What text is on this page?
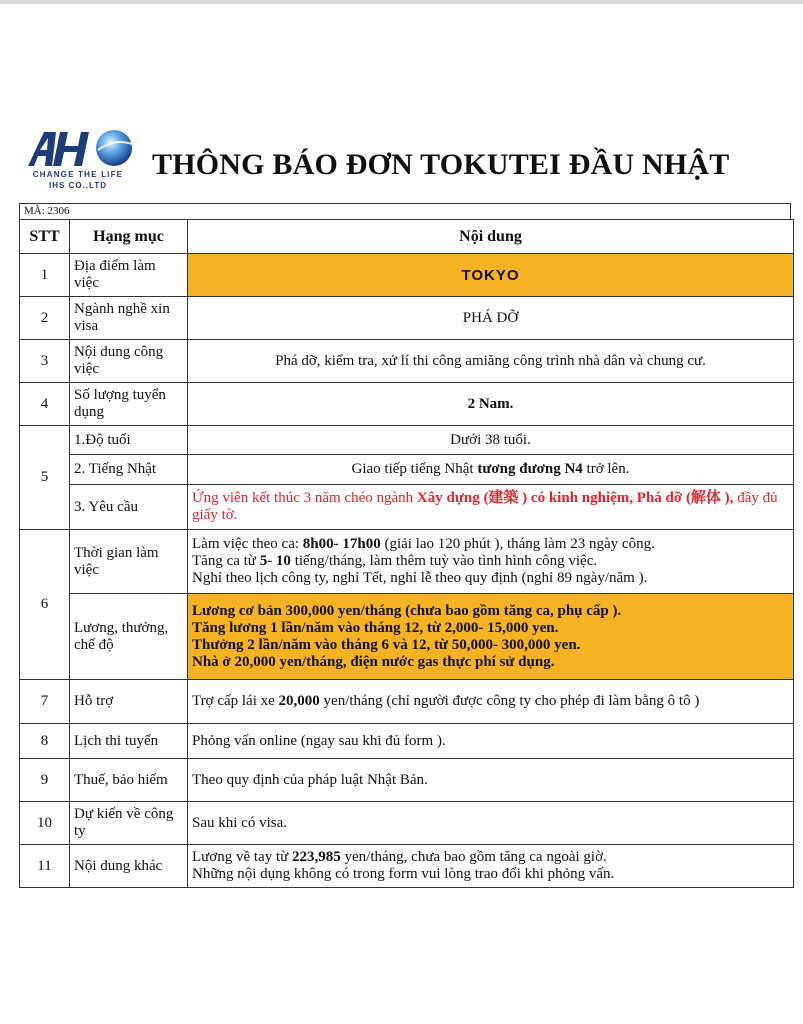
CHANGE THE LIFE
IHS CO.,LTD
THÔNG BÁO ĐƠN TOKUTEI ĐẦU NHẬT
MÃ: 2306
STT	Hạng mục	Nội dung
1	Địa điểm làm việc	TOKYO
2	Ngành nghề xin visa	PHÁ DỠ
3	Nội dung công việc	Phá dỡ, kiểm tra, xử lí thi công amiăng công trình nhà dân và chung cư.
4	Số lượng tuyển dụng	2 Nam.
5	1.Độ tuổi	Dưới 38 tuổi.
	2. Tiếng Nhật	Giao tiếp tiếng Nhật tương đương N4 trở lên.
	3. Yêu cầu	Ứng viên kết thúc 3 năm chéo ngành Xây dựng (建築 ) có kinh nghiệm, Phá dỡ (解体 ), đầy đủ giấy tờ.
6	Thời gian làm việc	Làm việc theo ca: 8h00- 17h00 (giải lao 120 phút ), tháng làm 23 ngày công.
Tăng ca từ 5- 10 tiếng/tháng, làm thêm tuỳ vào tình hình công việc.
Nghỉ theo lịch công ty, nghỉ Tết, nghỉ lễ theo quy định (nghỉ 89 ngày/năm ).

	Lương, thưởng, chế độ	Lương cơ bản 300,000 yen/tháng (chưa bao gồm tăng ca, phụ cấp ).
Tăng lương 1 lần/năm vào tháng 12, từ 2,000- 15,000 yen.
Thưởng 2 lần/năm vào tháng 6 và 12, từ 50,000- 300,000 yen.
Nhà ở 20,000 yen/tháng, điện nước gas thực phí sử dụng.

7	Hỗ trợ	Trợ cấp lái xe 20,000 yen/tháng (chỉ người được công ty cho phép đi làm bằng ô tô )
8	Lịch thi tuyển	Phỏng vấn online (ngay sau khi đủ form ).
9	Thuế, bảo hiểm	Theo quy định của pháp luật Nhật Bản.
10	Dự kiến về công ty	Sau khi có visa.
11	Nội dung khác	Lương về tay từ 223,985 yen/tháng, chưa bao gồm tăng ca ngoài giờ.
Những nội dụng không có trong form vui lòng trao đổi khi phỏng vấn.
